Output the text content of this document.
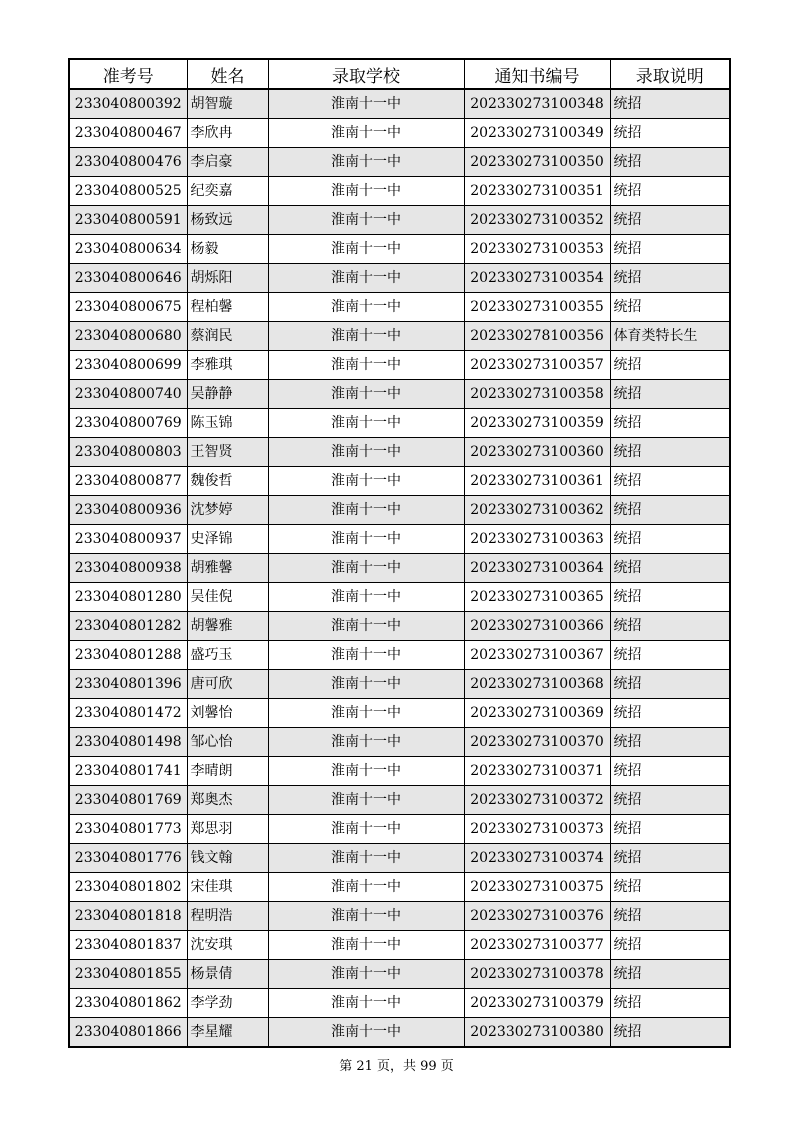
准考号	姓名	录取学校	通知书编号	录取说明
233040800392	胡智璇	淮南十一中	202330273100348	统招
233040800467	李欣冉	淮南十一中	202330273100349	统招
233040800476	李启豪	淮南十一中	202330273100350	统招
233040800525	纪奕嘉	淮南十一中	202330273100351	统招
233040800591	杨致远	淮南十一中	202330273100352	统招
233040800634	杨毅	淮南十一中	202330273100353	统招
233040800646	胡烁阳	淮南十一中	202330273100354	统招
233040800675	程柏馨	淮南十一中	202330273100355	统招
233040800680	蔡润民	淮南十一中	202330278100356	体育类特长生
233040800699	李雅琪	淮南十一中	202330273100357	统招
233040800740	吴静静	淮南十一中	202330273100358	统招
233040800769	陈玉锦	淮南十一中	202330273100359	统招
233040800803	王智贤	淮南十一中	202330273100360	统招
233040800877	魏俊哲	淮南十一中	202330273100361	统招
233040800936	沈梦婷	淮南十一中	202330273100362	统招
233040800937	史泽锦	淮南十一中	202330273100363	统招
233040800938	胡雅馨	淮南十一中	202330273100364	统招
233040801280	吴佳倪	淮南十一中	202330273100365	统招
233040801282	胡馨雅	淮南十一中	202330273100366	统招
233040801288	盛巧玉	淮南十一中	202330273100367	统招
233040801396	唐可欣	淮南十一中	202330273100368	统招
233040801472	刘馨怡	淮南十一中	202330273100369	统招
233040801498	邹心怡	淮南十一中	202330273100370	统招
233040801741	李晴朗	淮南十一中	202330273100371	统招
233040801769	郑奥杰	淮南十一中	202330273100372	统招
233040801773	郑思羽	淮南十一中	202330273100373	统招
233040801776	钱文翰	淮南十一中	202330273100374	统招
233040801802	宋佳琪	淮南十一中	202330273100375	统招
233040801818	程明浩	淮南十一中	202330273100376	统招
233040801837	沈安琪	淮南十一中	202330273100377	统招
233040801855	杨景倩	淮南十一中	202330273100378	统招
233040801862	李学劲	淮南十一中	202330273100379	统招
233040801866	李星耀	淮南十一中	202330273100380	统招
第 21 页，共 99 页
